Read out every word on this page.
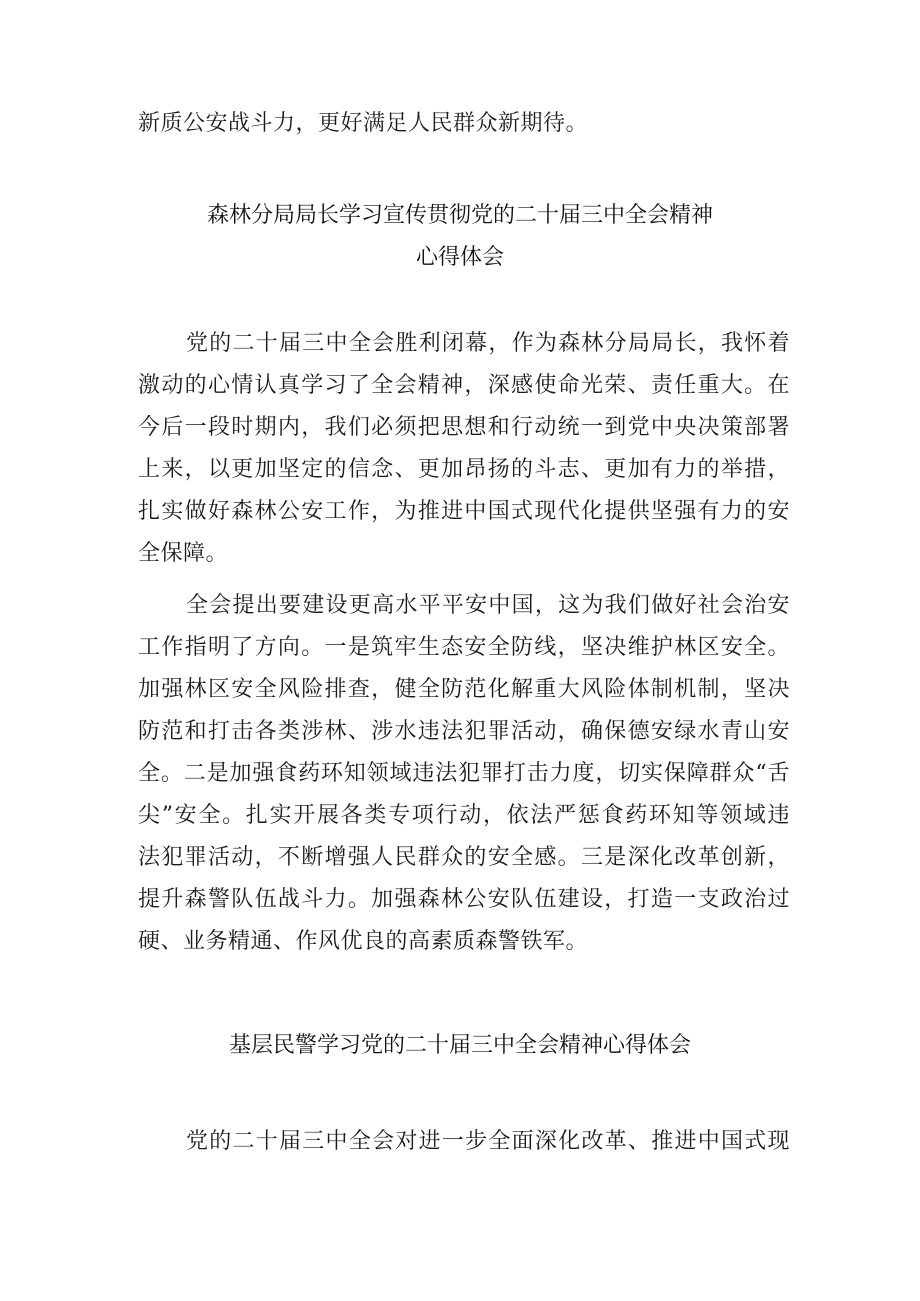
新质公安战斗力，更好满足人民群众新期待。
森林分局局长学习宣传贯彻党的二十届三中全会精神
心得体会
党的二十届三中全会胜利闭幕，作为森林分局局长，我怀着
激动的心情认真学习了全会精神，深感使命光荣、责任重大。在
今后一段时期内，我们必须把思想和行动统一到党中央决策部署
上来，以更加坚定的信念、更加昂扬的斗志、更加有力的举措，
扎实做好森林公安工作，为推进中国式现代化提供坚强有力的安
全保障。
全会提出要建设更高水平平安中国，这为我们做好社会治安
工作指明了方向。一是筑牢生态安全防线，坚决维护林区安全。
加强林区安全风险排查，健全防范化解重大风险体制机制，坚决
防范和打击各类涉林、涉水违法犯罪活动，确保德安绿水青山安
全。二是加强食药环知领域违法犯罪打击力度，切实保障群众“舌
尖”安全。扎实开展各类专项行动，依法严惩食药环知等领域违
法犯罪活动，不断增强人民群众的安全感。三是深化改革创新，
提升森警队伍战斗力。加强森林公安队伍建设，打造一支政治过
硬、业务精通、作风优良的高素质森警铁军。
基层民警学习党的二十届三中全会精神心得体会
党的二十届三中全会对进一步全面深化改革、推进中国式现
